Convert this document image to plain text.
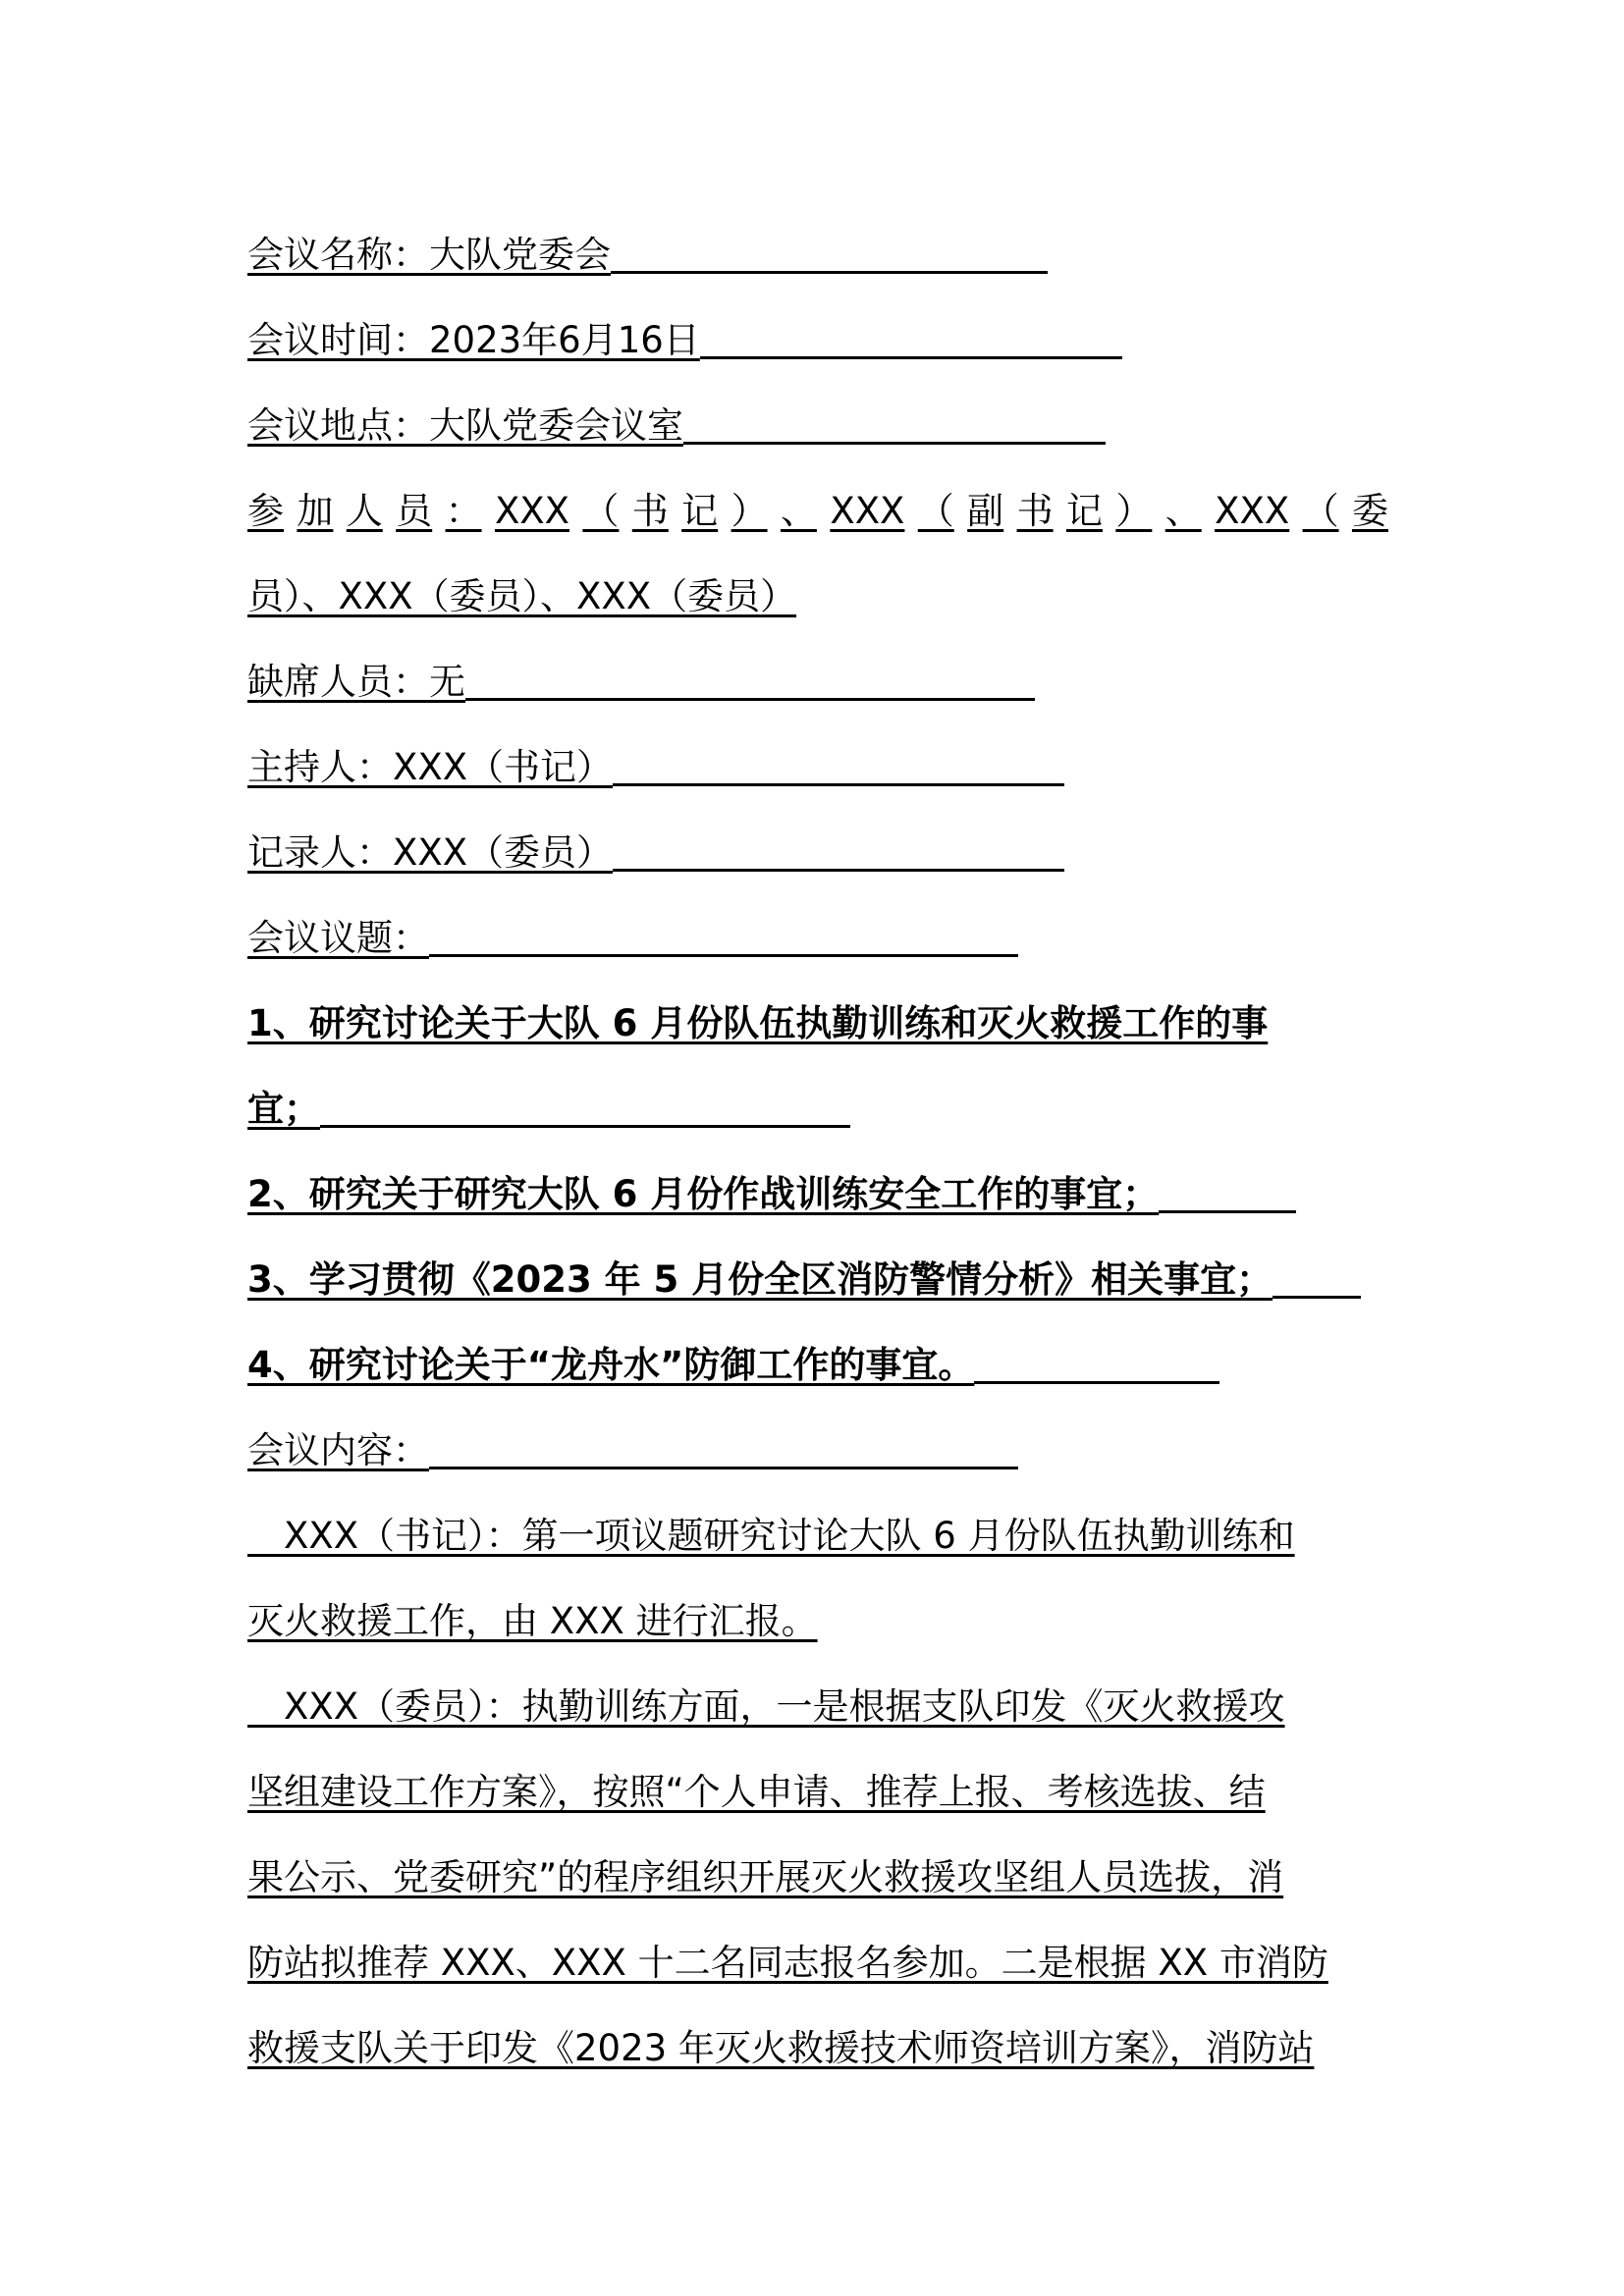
会议名称：大队党委会
会议时间：2023年6月16日
会议地点：大队党委会议室
参 加 人 员 ： XXX （ 书 记 ） 、 XXX （ 副 书 记 ） 、 XXX （ 委
员）、XXX（委员）、XXX（委员）
缺席人员：无
主持人：XXX（书记）
记录人：XXX（委员）
会议议题：
1、研究讨论关于大队 6 月份队伍执勤训练和灭火救援工作的事
宜；
2、研究关于研究大队 6 月份作战训练安全工作的事宜；
3、学习贯彻《2023 年 5 月份全区消防警情分析》相关事宜；
4、研究讨论关于“龙舟水”防御工作的事宜。
会议内容：
　XXX（书记）：第一项议题研究讨论大队 6 月份队伍执勤训练和
灭火救援工作，由 XXX 进行汇报。
　XXX（委员）：执勤训练方面，一是根据支队印发《灭火救援攻
坚组建设工作方案》，按照“个人申请、推荐上报、考核选拔、结
果公示、党委研究”的程序组织开展灭火救援攻坚组人员选拔，消
防站拟推荐 XXX、XXX 十二名同志报名参加。二是根据 XX 市消防
救援支队关于印发《2023 年灭火救援技术师资培训方案》，消防站
